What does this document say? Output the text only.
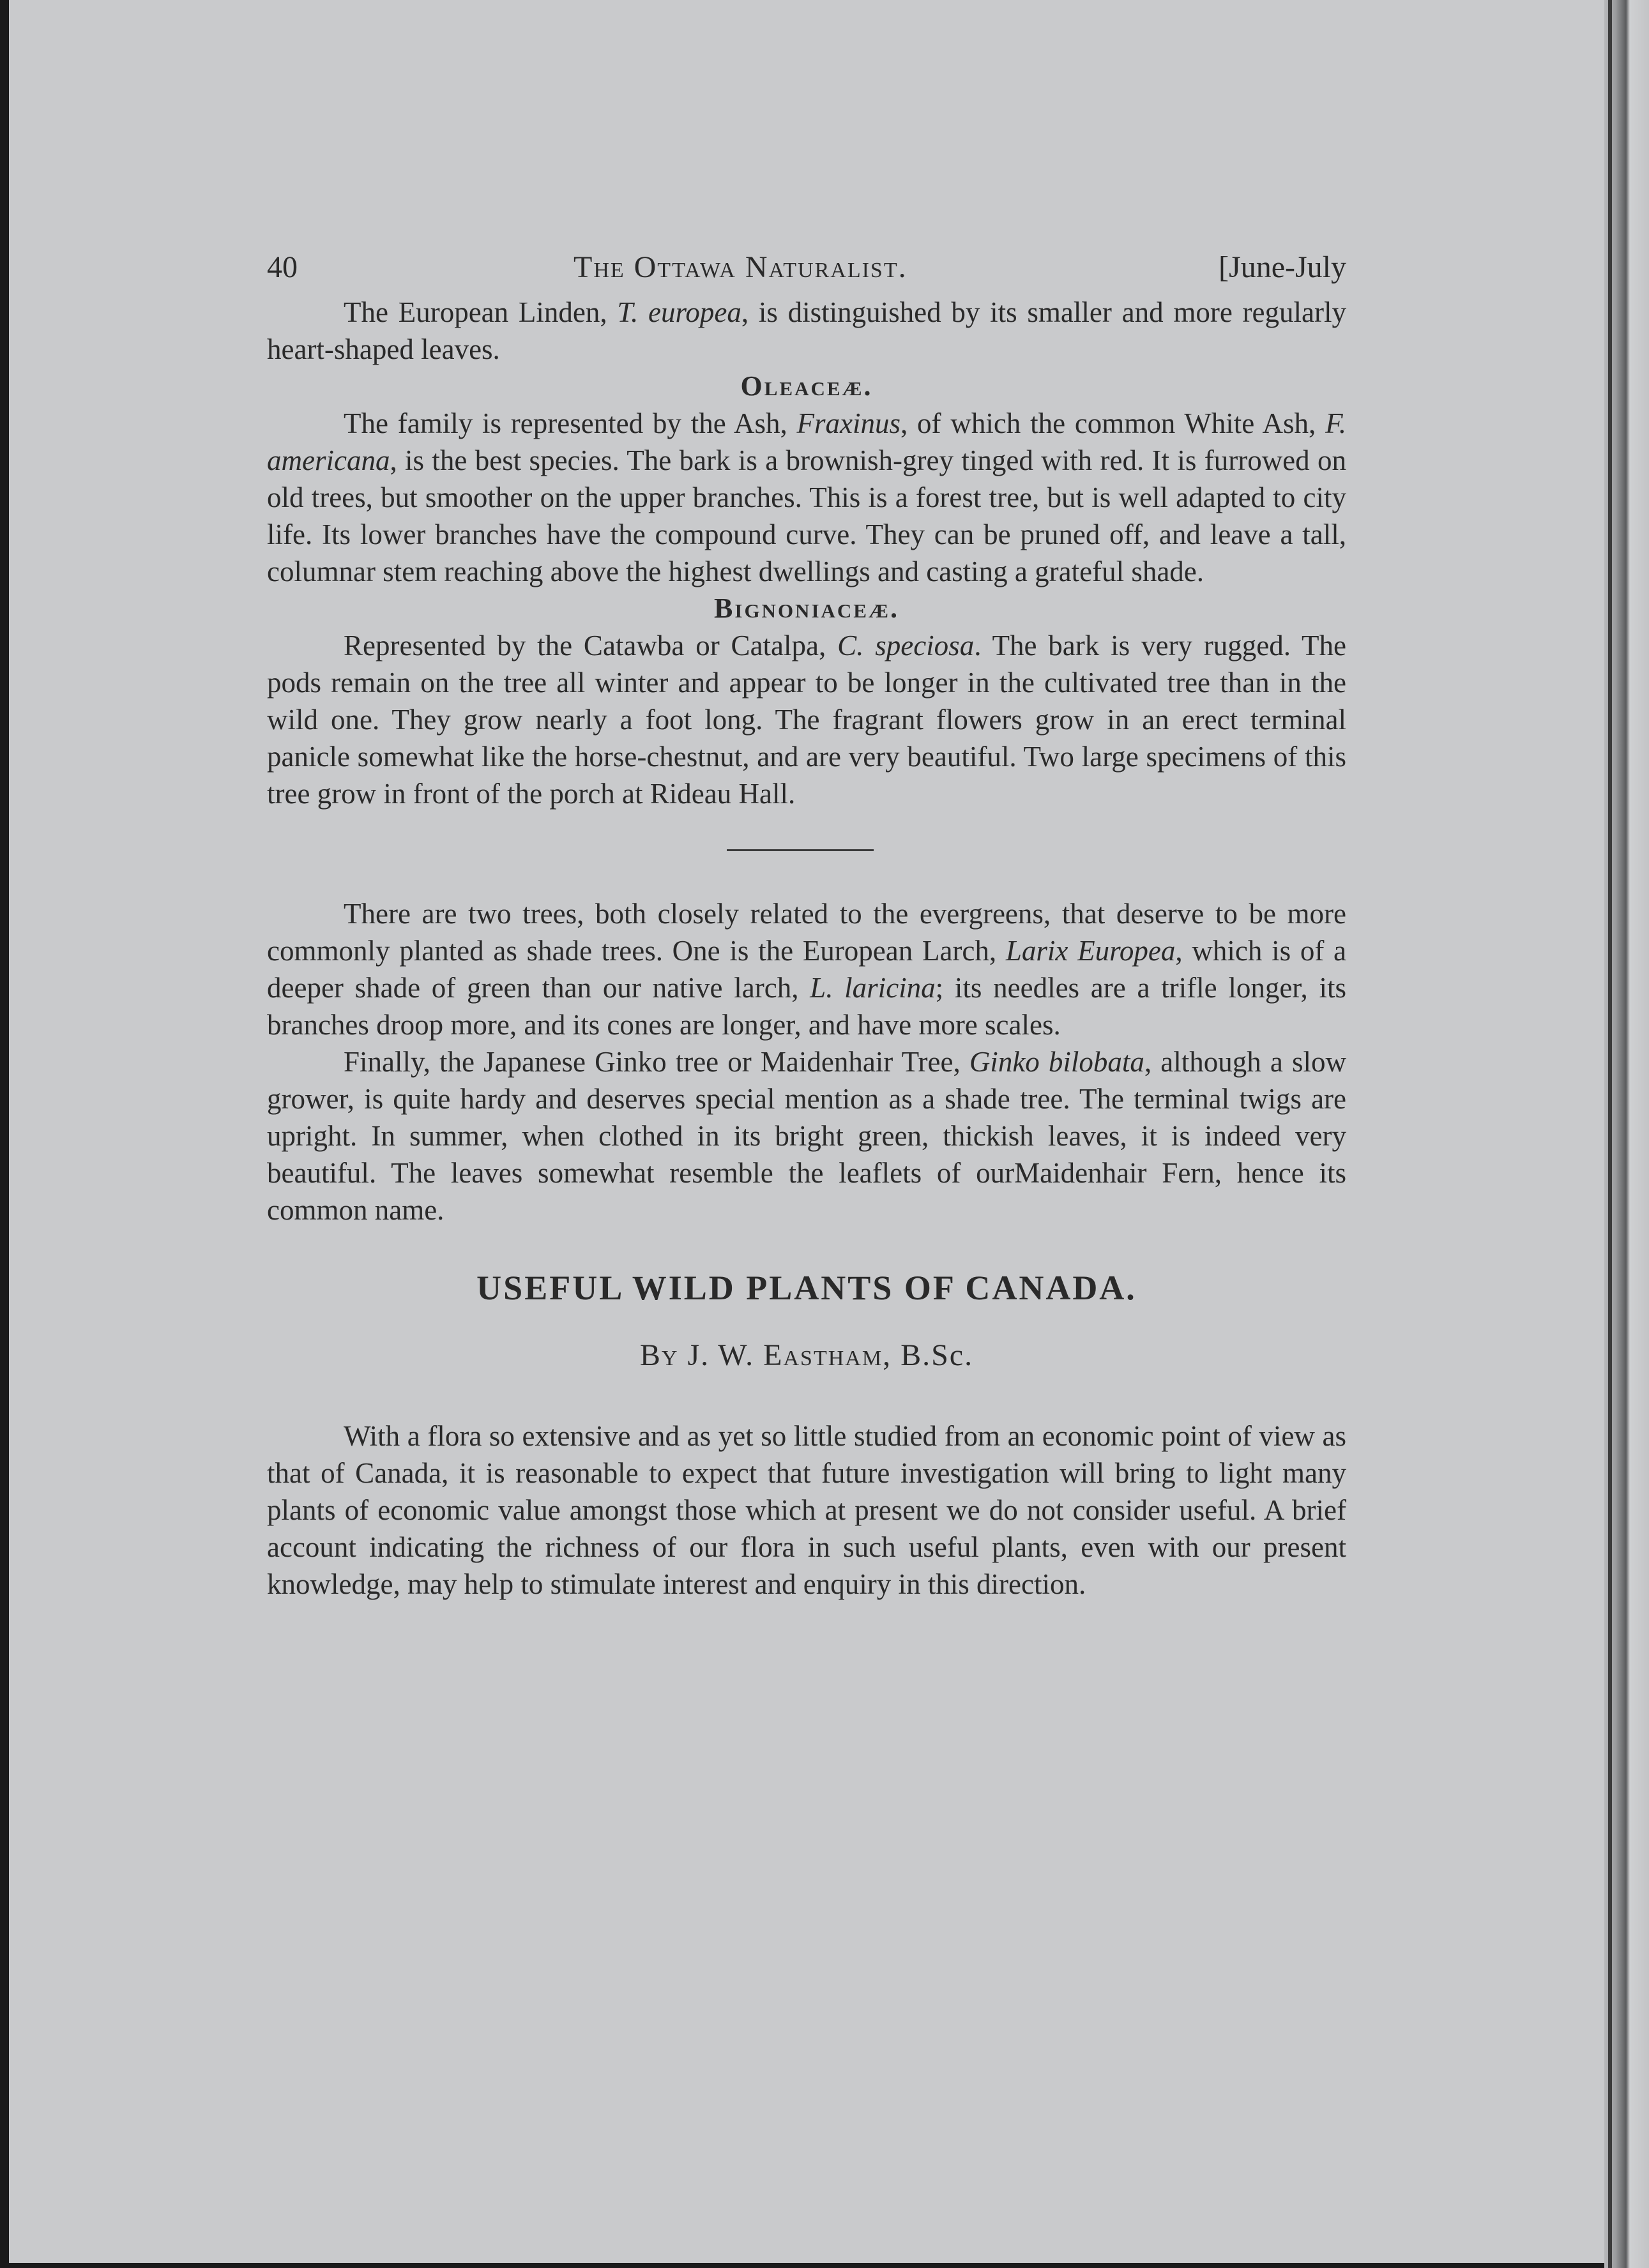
40	The Ottawa Naturalist.	[June-July

The European Linden, T. europea, is distinguished by its smaller and more regularly heart-shaped leaves.

Oleaceæ.

The family is represented by the Ash, Fraxinus, of which the common White Ash, F. americana, is the best species. The bark is a brownish-grey tinged with red. It is furrowed on old trees, but smoother on the upper branches. This is a forest tree, but is well adapted to city life. Its lower branches have the compound curve. They can be pruned off, and leave a tall, columnar stem reaching above the highest dwellings and casting a grateful shade.

Bignoniaceæ.

Represented by the Catawba or Catalpa, C. speciosa. The bark is very rugged. The pods remain on the tree all winter and appear to be longer in the cultivated tree than in the wild one. They grow nearly a foot long. The fragrant flowers grow in an erect terminal panicle somewhat like the horse-chestnut, and are very beautiful. Two large specimens of this tree grow in front of the porch at Rideau Hall.

There are two trees, both closely related to the evergreens, that deserve to be more commonly planted as shade trees. One is the European Larch, Larix Europea, which is of a deeper shade of green than our native larch, L. laricina; its needles are a trifle longer, its branches droop more, and its cones are longer, and have more scales.

Finally, the Japanese Ginko tree or Maidenhair Tree, Ginko bilobata, although a slow grower, is quite hardy and deserves special mention as a shade tree. The terminal twigs are upright. In summer, when clothed in its bright green, thickish leaves, it is indeed very beautiful. The leaves somewhat resemble the leaflets of ourMaidenhair Fern, hence its common name.

USEFUL WILD PLANTS OF CANADA.
By J. W. Eastham, B.Sc.

With a flora so extensive and as yet so little studied from an economic point of view as that of Canada, it is reasonable to expect that future investigation will bring to light many plants of economic value amongst those which at present we do not consider useful. A brief account indicating the richness of our flora in such useful plants, even with our present knowledge, may help to stimulate interest and enquiry in this direction.
